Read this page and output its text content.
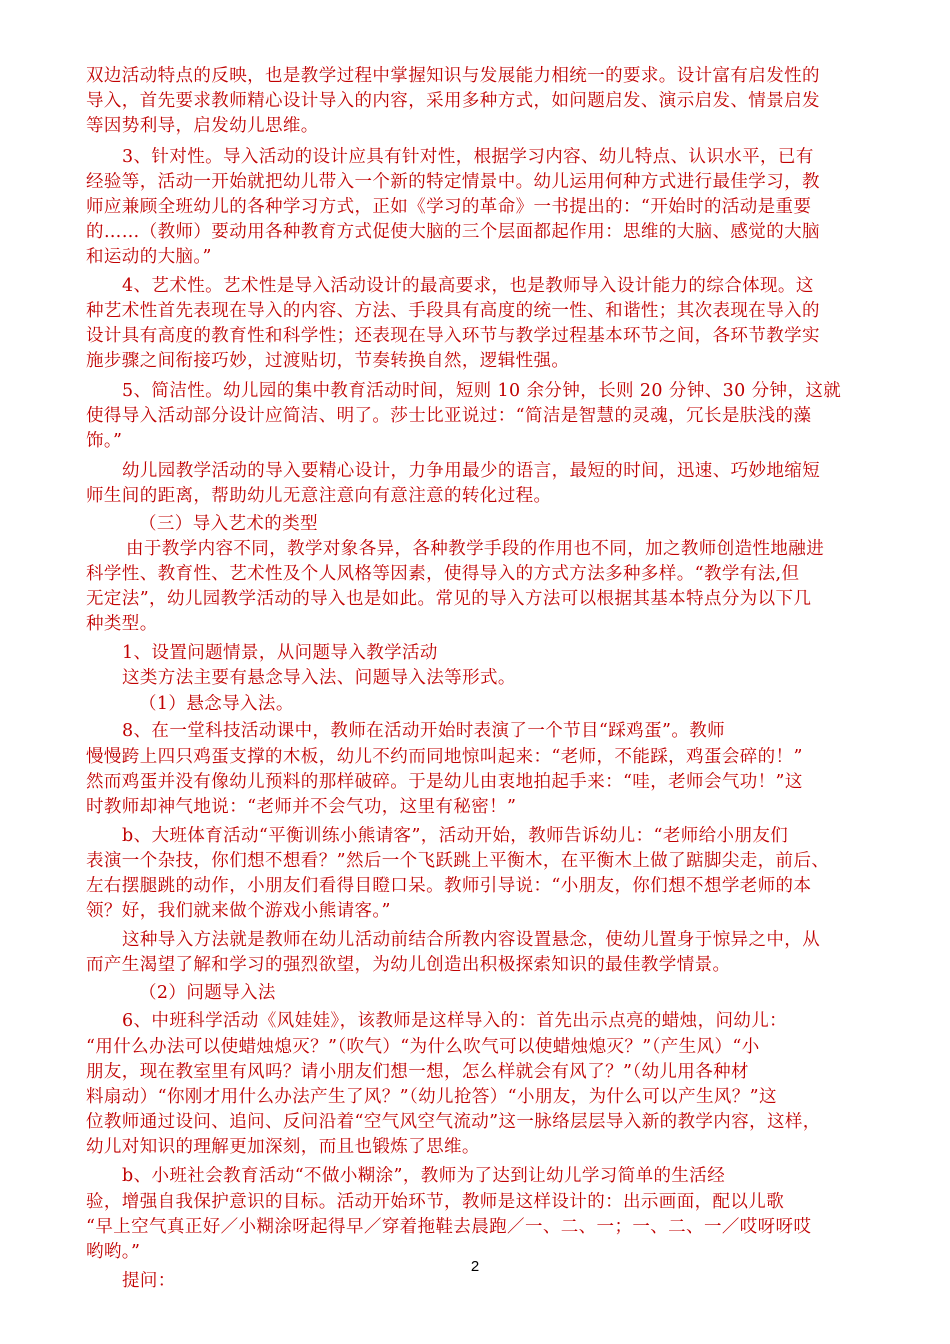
双边活动特点的反映，也是教学过程中掌握知识与发展能力相统一的要求。设计富有启发性的
导入，首先要求教师精心设计导入的内容，采用多种方式，如问题启发、演示启发、情景启发
等因势利导，启发幼儿思维。
3、针对性。导入活动的设计应具有针对性，根据学习内容、幼儿特点、认识水平，已有
经验等，活动一开始就把幼儿带入一个新的特定情景中。幼儿运用何种方式进行最佳学习，教
师应兼顾全班幼儿的各种学习方式，正如《学习的革命》一书提出的：“开始时的活动是重要
的……（教师）要动用各种教育方式促使大脑的三个层面都起作用：思维的大脑、感觉的大脑
和运动的大脑。”
4、艺术性。艺术性是导入活动设计的最高要求，也是教师导入设计能力的综合体现。这
种艺术性首先表现在导入的内容、方法、手段具有高度的统一性、和谐性；其次表现在导入的
设计具有高度的教育性和科学性；还表现在导入环节与教学过程基本环节之间，各环节教学实
施步骤之间衔接巧妙，过渡贴切，节奏转换自然，逻辑性强。
5、简洁性。幼儿园的集中教育活动时间，短则 10 余分钟，长则 20 分钟、30 分钟，这就
使得导入活动部分设计应简洁、明了。莎士比亚说过：“简洁是智慧的灵魂，冗长是肤浅的藻
饰。”
幼儿园教学活动的导入要精心设计，力争用最少的语言，最短的时间，迅速、巧妙地缩短
师生间的距离，帮助幼儿无意注意向有意注意的转化过程。
（三）导入艺术的类型
由于教学内容不同，教学对象各异，各种教学手段的作用也不同，加之教师创造性地融进
科学性、教育性、艺术性及个人风格等因素，使得导入的方式方法多种多样。“教学有法,但
无定法”，幼儿园教学活动的导入也是如此。常见的导入方法可以根据其基本特点分为以下几
种类型。
1、设置问题情景，从问题导入教学活动
这类方法主要有悬念导入法、问题导入法等形式。
（1）悬念导入法。
8、在一堂科技活动课中，教师在活动开始时表演了一个节目“踩鸡蛋”。教师
慢慢跨上四只鸡蛋支撑的木板，幼儿不约而同地惊叫起来：“老师，不能踩，鸡蛋会碎的！”
然而鸡蛋并没有像幼儿预料的那样破碎。于是幼儿由衷地拍起手来：“哇，老师会气功！”这
时教师却神气地说：“老师并不会气功，这里有秘密！”
b、大班体育活动“平衡训练小熊请客”，活动开始，教师告诉幼儿：“老师给小朋友们
表演一个杂技，你们想不想看？”然后一个飞跃跳上平衡木，在平衡木上做了踮脚尖走，前后、
左右摆腿跳的动作，小朋友们看得目瞪口呆。教师引导说：“小朋友，你们想不想学老师的本
领？好，我们就来做个游戏小熊请客。”
这种导入方法就是教师在幼儿活动前结合所教内容设置悬念，使幼儿置身于惊异之中，从
而产生渴望了解和学习的强烈欲望，为幼儿创造出积极探索知识的最佳教学情景。
（2）问题导入法
6、中班科学活动《风娃娃》，该教师是这样导入的：首先出示点亮的蜡烛，问幼儿：
“用什么办法可以使蜡烛熄灭？”（吹气）“为什么吹气可以使蜡烛熄灭？”（产生风）“小
朋友，现在教室里有风吗？请小朋友们想一想，怎么样就会有风了？”（幼儿用各种材
料扇动）“你刚才用什么办法产生了风？”（幼儿抢答）“小朋友，为什么可以产生风？”这
位教师通过设问、追问、反问沿着“空气风空气流动”这一脉络层层导入新的教学内容，这样，
幼儿对知识的理解更加深刻，而且也锻炼了思维。
b、小班社会教育活动“不做小糊涂”，教师为了达到让幼儿学习简单的生活经
验，增强自我保护意识的目标。活动开始环节，教师是这样设计的：出示画面，配以儿歌
“早上空气真正好／小糊涂呀起得早／穿着拖鞋去晨跑／一、二、一；一、二、一／哎呀呀哎
哟哟。”
提问：
2
